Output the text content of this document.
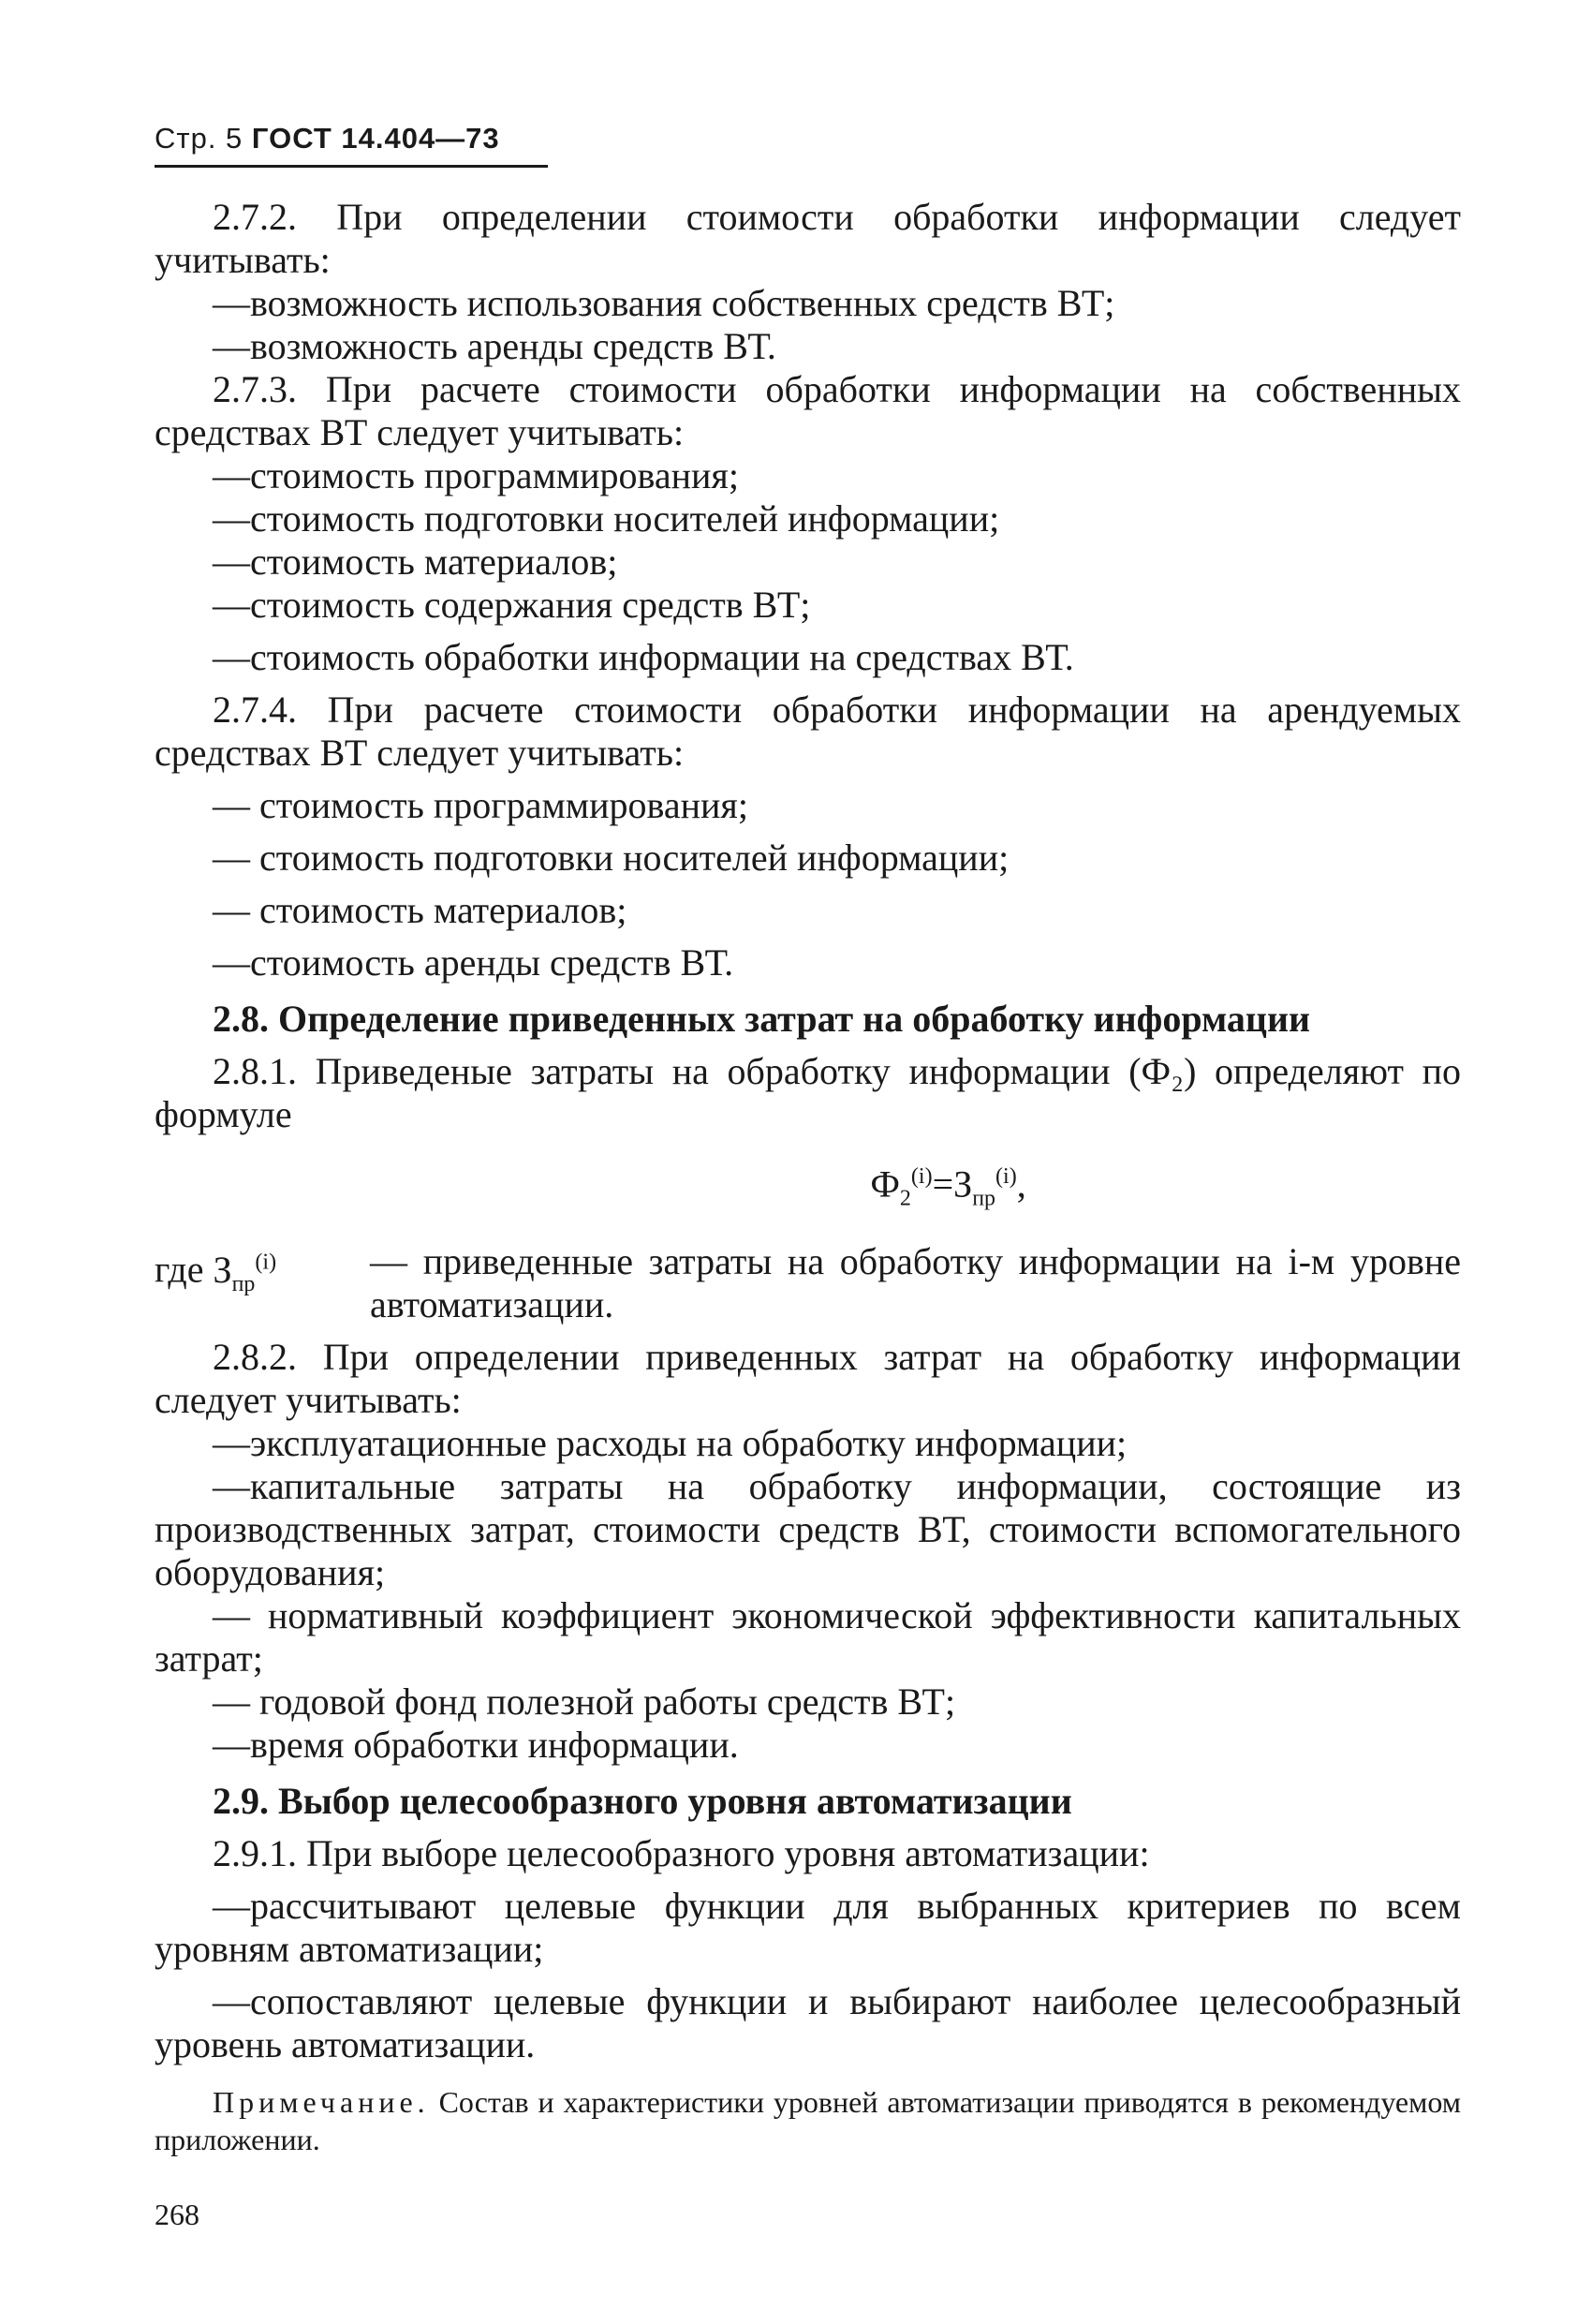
Стр. 5 ГОСТ 14.404—73

2.7.2. При определении стоимости обработки информации следует учитывать:

—возможность использования собственных средств ВТ;

—возможность аренды средств ВТ.

2.7.3. При расчете стоимости обработки информации на собственных средствах ВТ следует учитывать:

—стоимость программирования;

—стоимость подготовки носителей информации;

—стоимость материалов;

—стоимость содержания средств ВТ;

—стоимость обработки информации на средствах ВТ.

2.7.4. При расчете стоимости обработки информации на арендуемых средствах ВТ следует учитывать:

— стоимость программирования;

— стоимость подготовки носителей информации;

— стоимость материалов;

—стоимость аренды средств ВТ.

2.8. Определение приведенных затрат на обработку информации

2.8.1. Приведеные затраты на обработку информации (Ф₂) определяют по формуле

$Ф_2^{(i)}=З_{пр}^{(i)}$,
где $З_{пр}^{(i)}$	— приведенные затраты на обработку информации на i-м уровне автоматизации.

2.8.2. При определении приведенных затрат на обработку информации следует учитывать:

—эксплуатационные расходы на обработку информации;

—капитальные затраты на обработку информации, состоящие из производственных затрат, стоимости средств ВТ, стоимости вспомогательного оборудования;

— нормативный коэффициент экономической эффективности капитальных затрат;

— годовой фонд полезной работы средств ВТ;

—время обработки информации.

2.9. Выбор целесообразного уровня автоматизации

2.9.1. При выборе целесообразного уровня автоматизации:

—рассчитывают целевые функции для выбранных критериев по всем уровням автоматизации;

—сопоставляют целевые функции и выбирают наиболее целесообразный уровень автоматизации.

Примечание. Состав и характеристики уровней автоматизации приводятся в рекомендуемом приложении.

268
